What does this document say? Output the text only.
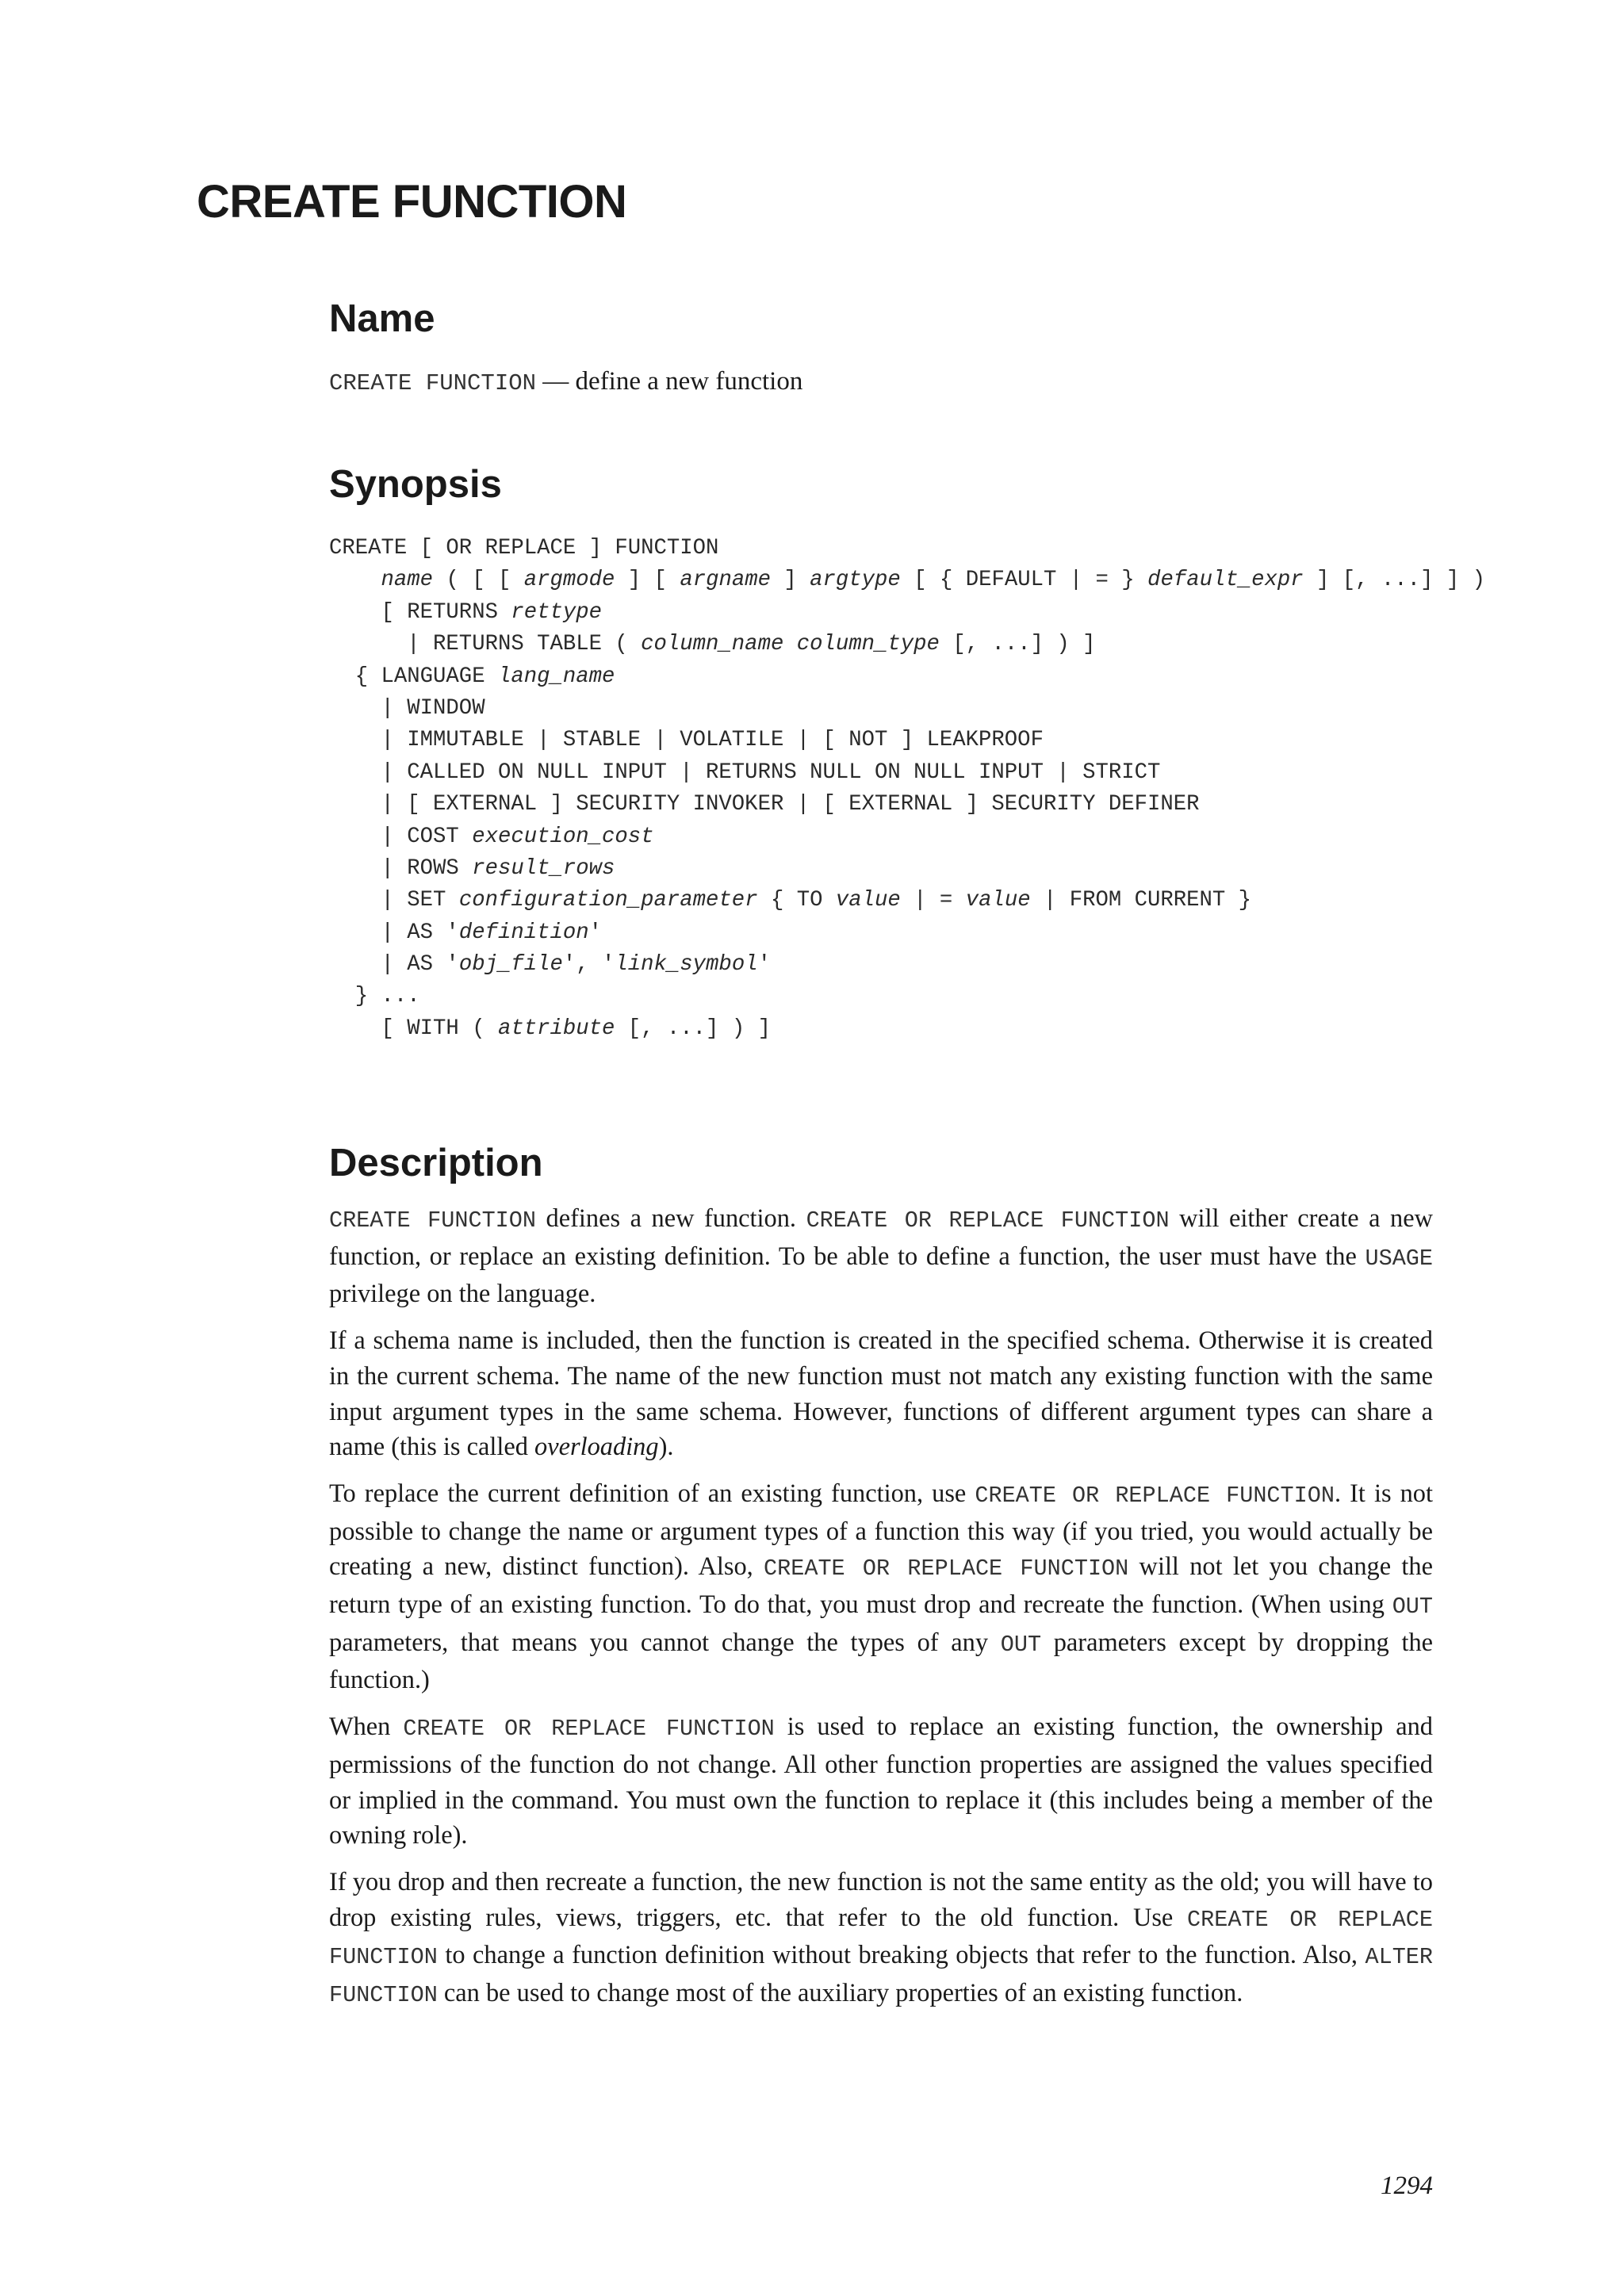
CREATE FUNCTION
Name
CREATE FUNCTION — define a new function
Synopsis
CREATE [ OR REPLACE ] FUNCTION
name ( [ [ argmode ] [ argname ] argtype [ { DEFAULT | = } default_expr ] [, ...] ] )
[ RETURNS rettype
| RETURNS TABLE ( column_name column_type [, ...] ) ]
{ LANGUAGE lang_name
| WINDOW
| IMMUTABLE | STABLE | VOLATILE | [ NOT ] LEAKPROOF
| CALLED ON NULL INPUT | RETURNS NULL ON NULL INPUT | STRICT
| [ EXTERNAL ] SECURITY INVOKER | [ EXTERNAL ] SECURITY DEFINER
| COST execution_cost
| ROWS result_rows
| SET configuration_parameter { TO value | = value | FROM CURRENT }
| AS 'definition'
| AS 'obj_file', 'link_symbol'
} ...
[ WITH ( attribute [, ...] ) ]
Description

CREATE FUNCTION defines a new function. CREATE OR REPLACE FUNCTION will either create a new function, or replace an existing definition. To be able to define a function, the user must have the USAGE privilege on the language.

If a schema name is included, then the function is created in the specified schema. Otherwise it is created in the current schema. The name of the new function must not match any existing function with the same input argument types in the same schema. However, functions of different argument types can share a name (this is called overloading).

To replace the current definition of an existing function, use CREATE OR REPLACE FUNCTION. It is not possible to change the name or argument types of a function this way (if you tried, you would actually be creating a new, distinct function). Also, CREATE OR REPLACE FUNCTION will not let you change the return type of an existing function. To do that, you must drop and recreate the function. (When using OUT parameters, that means you cannot change the types of any OUT parameters except by dropping the function.)

When CREATE OR REPLACE FUNCTION is used to replace an existing function, the ownership and permissions of the function do not change. All other function properties are assigned the values specified or implied in the command. You must own the function to replace it (this includes being a member of the owning role).

If you drop and then recreate a function, the new function is not the same entity as the old; you will have to drop existing rules, views, triggers, etc. that refer to the old function. Use CREATE OR REPLACE FUNCTION to change a function definition without breaking objects that refer to the function. Also, ALTER FUNCTION can be used to change most of the auxiliary properties of an existing function.

1294
